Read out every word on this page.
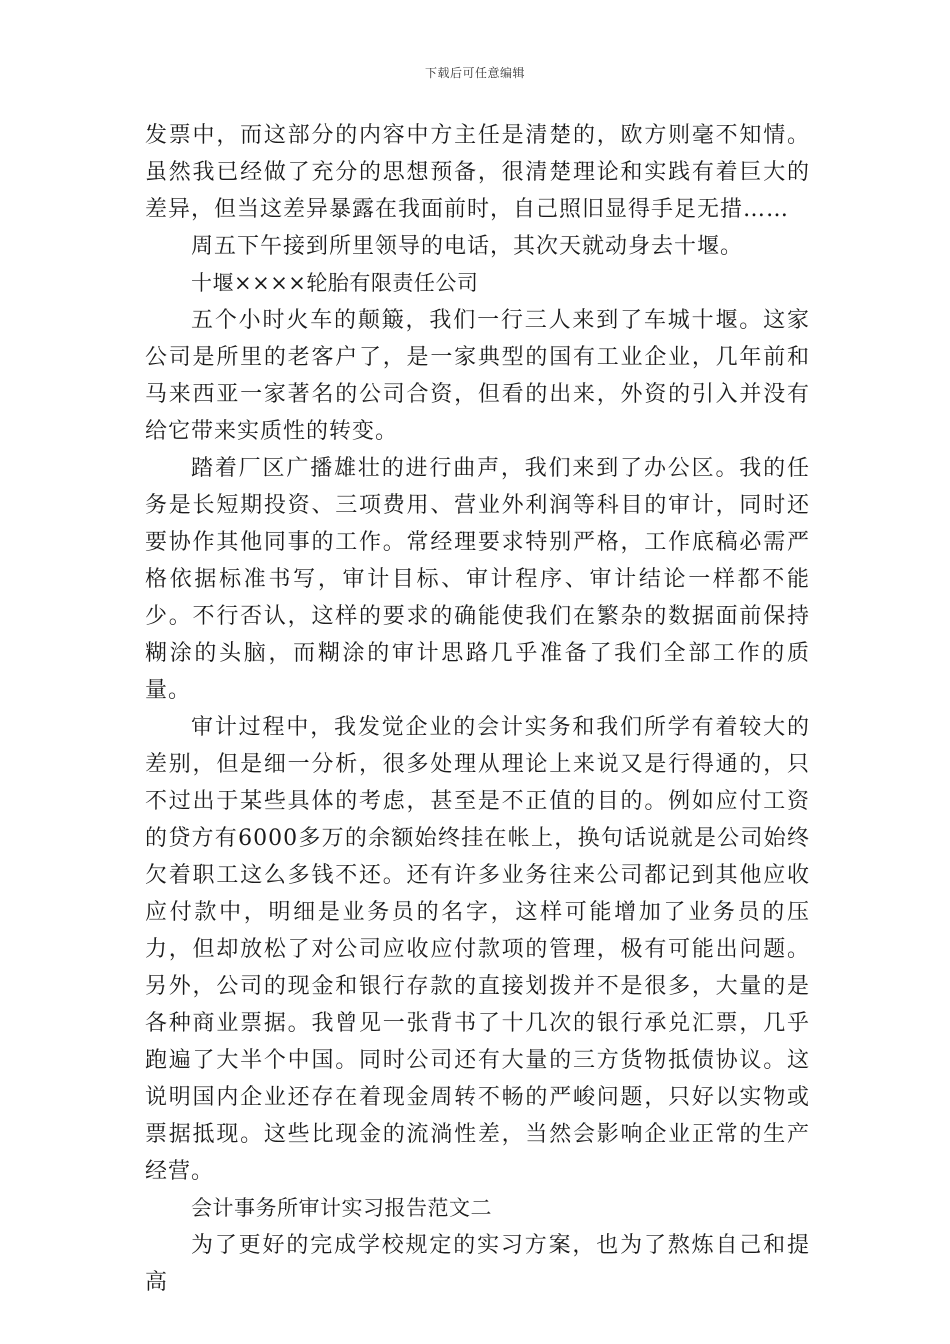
下载后可任意编辑

发票中，而这部分的内容中方主任是清楚的，欧方则毫不知情。虽然我已经做了充分的思想预备，很清楚理论和实践有着巨大的差异，但当这差异暴露在我面前时，自己照旧显得手足无措……

周五下午接到所里领导的电话，其次天就动身去十堰。

十堰××××轮胎有限责任公司

五个小时火车的颠簸，我们一行三人来到了车城十堰。这家公司是所里的老客户了，是一家典型的国有工业企业，几年前和马来西亚一家著名的公司合资，但看的出来，外资的引入并没有给它带来实质性的转变。

踏着厂区广播雄壮的进行曲声，我们来到了办公区。我的任务是长短期投资、三项费用、营业外利润等科目的审计，同时还要协作其他同事的工作。常经理要求特别严格，工作底稿必需严格依据标准书写，审计目标、审计程序、审计结论一样都不能少。不行否认，这样的要求的确能使我们在繁杂的数据面前保持糊涂的头脑，而糊涂的审计思路几乎准备了我们全部工作的质量。

审计过程中，我发觉企业的会计实务和我们所学有着较大的差别，但是细一分析，很多处理从理论上来说又是行得通的，只不过出于某些具体的考虑，甚至是不正值的目的。例如应付工资的贷方有6000多万的余额始终挂在帐上，换句话说就是公司始终欠着职工这么多钱不还。还有许多业务往来公司都记到其他应收应付款中，明细是业务员的名字，这样可能增加了业务员的压力，但却放松了对公司应收应付款项的管理，极有可能出问题。另外，公司的现金和银行存款的直接划拨并不是很多，大量的是各种商业票据。我曾见一张背书了十几次的银行承兑汇票，几乎跑遍了大半个中国。同时公司还有大量的三方货物抵债协议。这说明国内企业还存在着现金周转不畅的严峻问题，只好以实物或票据抵现。这些比现金的流淌性差，当然会影响企业正常的生产经营。

会计事务所审计实习报告范文二

为了更好的完成学校规定的实习方案，也为了熬炼自己和提高
